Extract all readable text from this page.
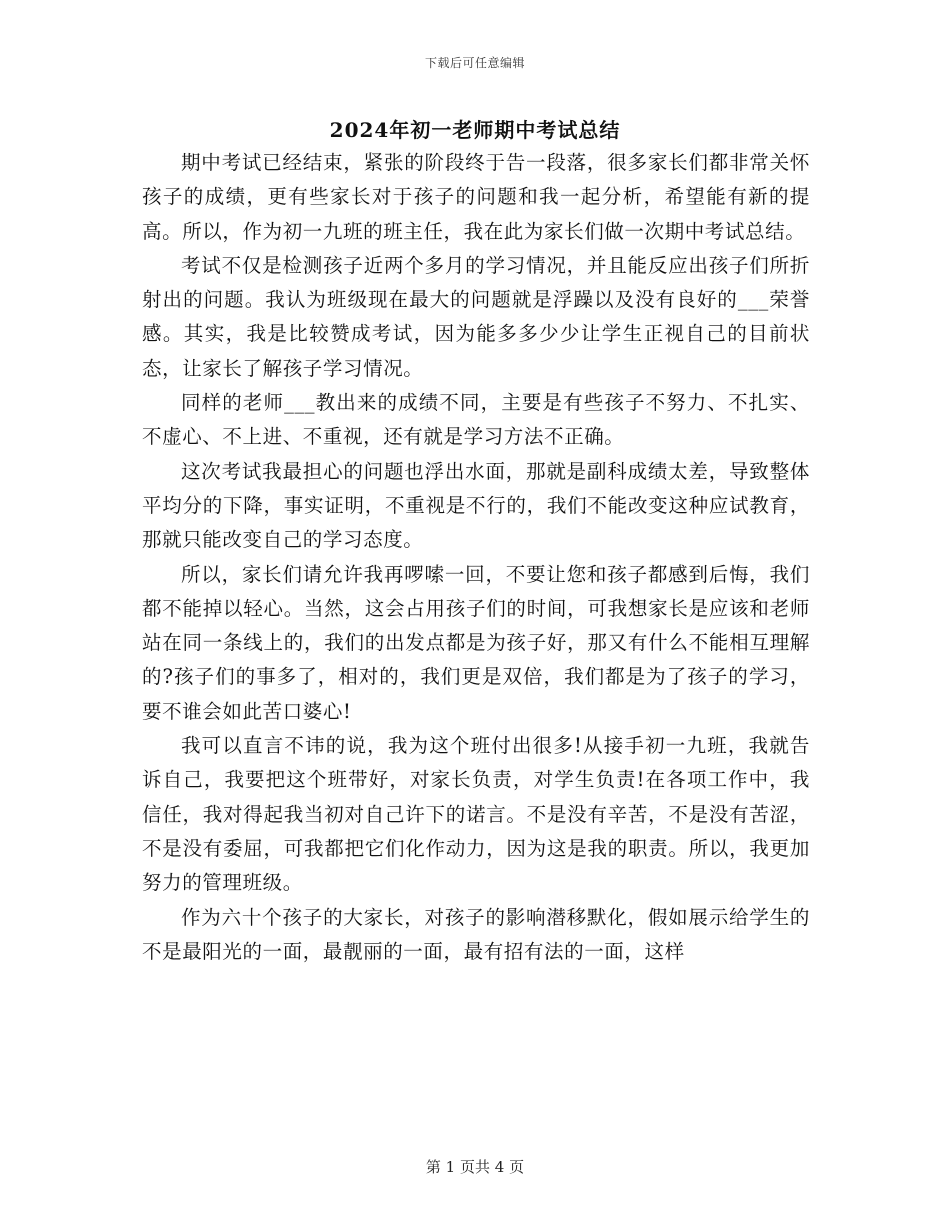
下载后可任意编辑
2024年初一老师期中考试总结

期中考试已经结束，紧张的阶段终于告一段落，很多家长们都非常关怀孩子的成绩，更有些家长对于孩子的问题和我一起分析，希望能有新的提高。所以，作为初一九班的班主任，我在此为家长们做一次期中考试总结。

考试不仅是检测孩子近两个多月的学习情况，并且能反应出孩子们所折射出的问题。我认为班级现在最大的问题就是浮躁以及没有良好的___荣誉感。其实，我是比较赞成考试，因为能多多少少让学生正视自己的目前状态，让家长了解孩子学习情况。

同样的老师___教出来的成绩不同，主要是有些孩子不努力、不扎实、不虚心、不上进、不重视，还有就是学习方法不正确。

这次考试我最担心的问题也浮出水面，那就是副科成绩太差，导致整体平均分的下降，事实证明，不重视是不行的，我们不能改变这种应试教育，那就只能改变自己的学习态度。

所以，家长们请允许我再啰嗦一回，不要让您和孩子都感到后悔，我们都不能掉以轻心。当然，这会占用孩子们的时间，可我想家长是应该和老师站在同一条线上的，我们的出发点都是为孩子好，那又有什么不能相互理解的?孩子们的事多了，相对的，我们更是双倍，我们都是为了孩子的学习，要不谁会如此苦口婆心!

我可以直言不讳的说，我为这个班付出很多!从接手初一九班，我就告诉自己，我要把这个班带好，对家长负责，对学生负责!在各项工作中，我信任，我对得起我当初对自己许下的诺言。不是没有辛苦，不是没有苦涩，不是没有委屈，可我都把它们化作动力，因为这是我的职责。所以，我更加努力的管理班级。

作为六十个孩子的大家长，对孩子的影响潜移默化，假如展示给学生的不是最阳光的一面，最靓丽的一面，最有招有法的一面，这样

第 1 页共 4 页
